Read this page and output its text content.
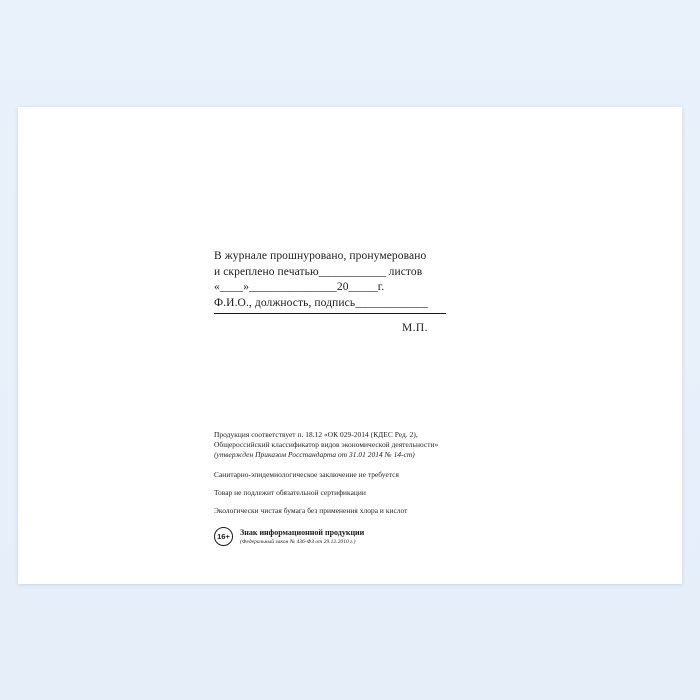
В журнале прошнуровано, пронумеровано
и скреплено печатью_____________ листов
«____»_______________20_____г.
Ф.И.О., должность, подпись______________
М.П.
Продукция соответствует п. 18.12 «ОК 029-2014 (КДЕС Ред. 2),
Общероссийский классификатор видов экономической деятельности»
(утвержден Приказом Росстандарта от 31.01 2014 № 14-ст)
Санитарно-эпидемиологическое заключение не требуется
Товар не подлежит обязательной сертификации
Экологически чистая бумага без применения хлора и кислот
16+	Знак информационной продукции
(Федеральный закон № 436-ФЗ от 29.12.2010 г.)
